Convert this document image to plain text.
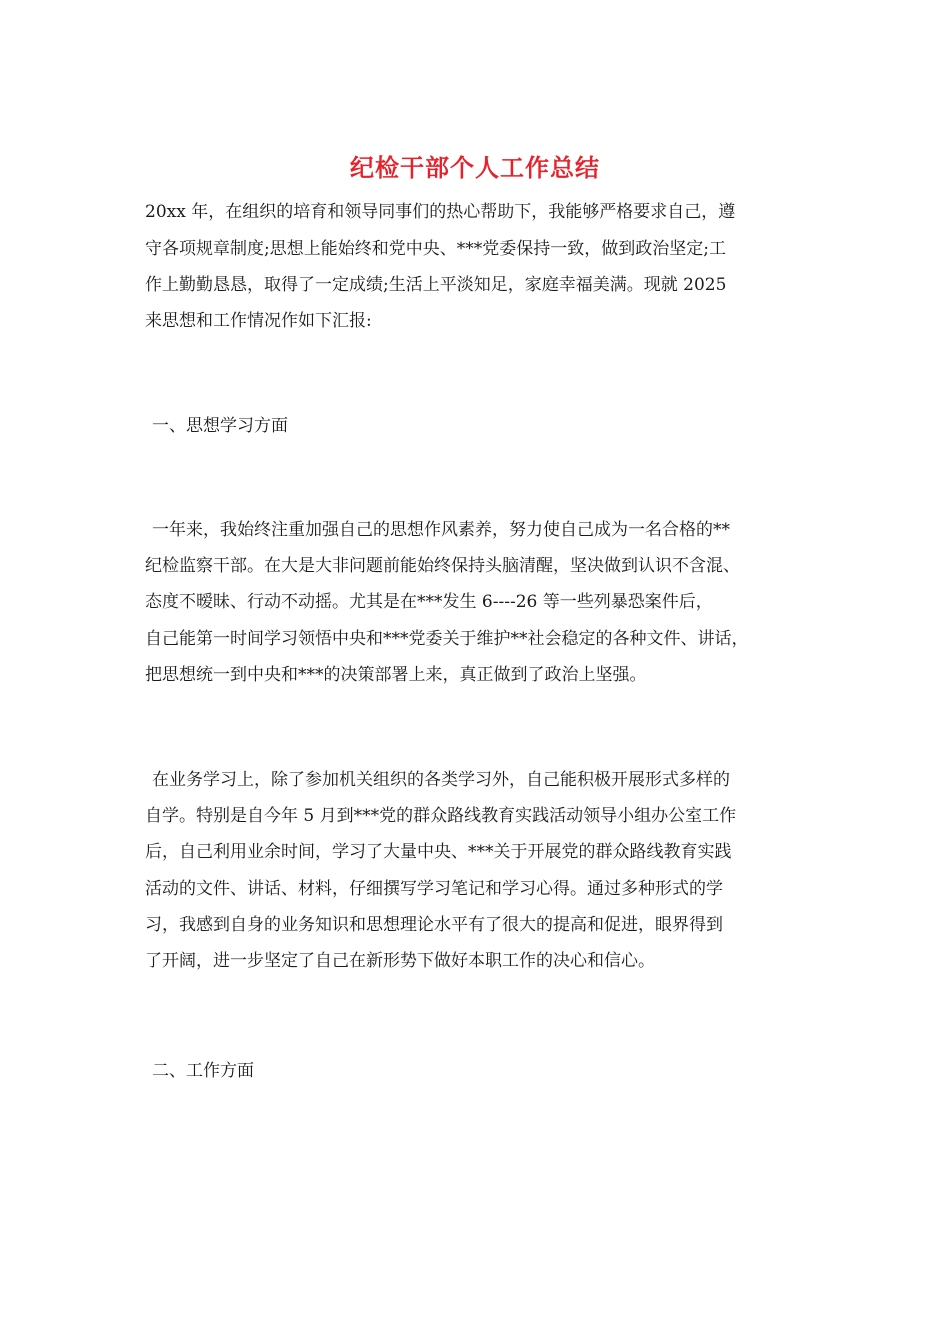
纪检干部个人工作总结
20xx 年，在组织的培育和领导同事们的热心帮助下，我能够严格要求自己，遵
守各项规章制度;思想上能始终和党中央、***党委保持一致，做到政治坚定;工
作上勤勤恳恳，取得了一定成绩;生活上平淡知足，家庭幸福美满。现就 2025
来思想和工作情况作如下汇报:
一、思想学习方面
一年来，我始终注重加强自己的思想作风素养，努力使自己成为一名合格的**
纪检监察干部。在大是大非问题前能始终保持头脑清醒，坚决做到认识不含混、
态度不暧昧、行动不动摇。尤其是在***发生 6----26 等一些列暴恐案件后，
自己能第一时间学习领悟中央和***党委关于维护**社会稳定的各种文件、讲话，
把思想统一到中央和***的决策部署上来，真正做到了政治上坚强。
在业务学习上，除了参加机关组织的各类学习外，自己能积极开展形式多样的
自学。特别是自今年 5 月到***党的群众路线教育实践活动领导小组办公室工作
后，自己利用业余时间，学习了大量中央、***关于开展党的群众路线教育实践
活动的文件、讲话、材料，仔细撰写学习笔记和学习心得。通过多种形式的学
习，我感到自身的业务知识和思想理论水平有了很大的提高和促进，眼界得到
了开阔，进一步坚定了自己在新形势下做好本职工作的决心和信心。
二、工作方面
